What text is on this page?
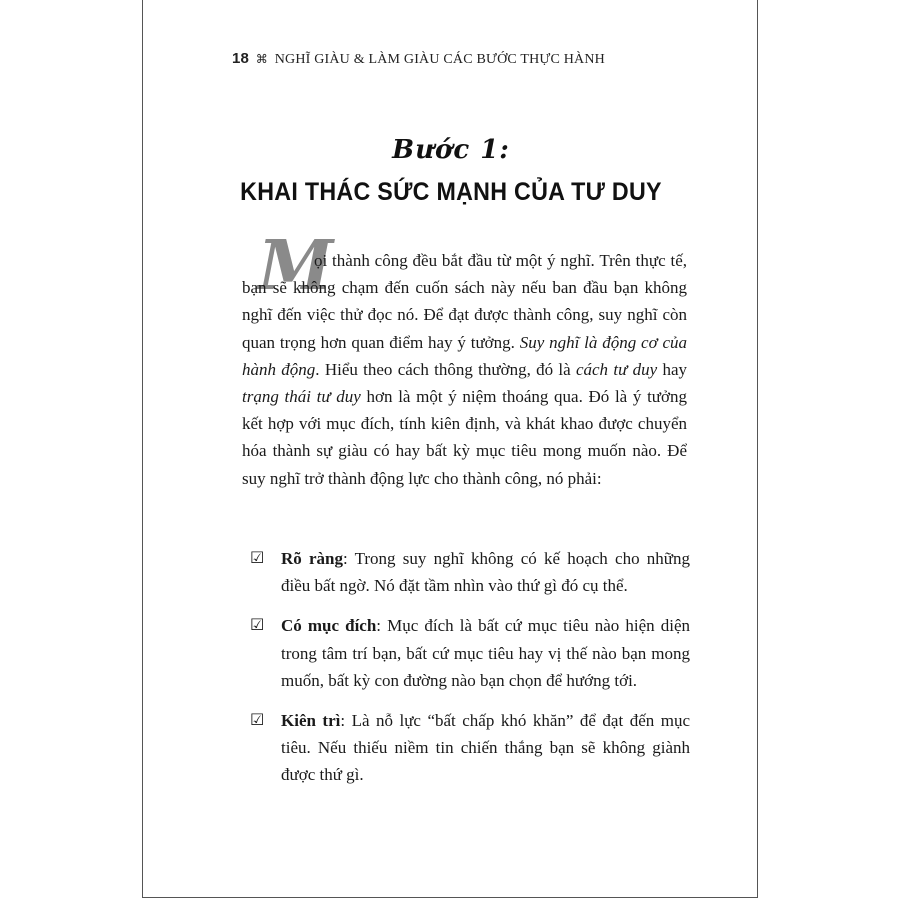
18 ⌘ NGHĨ GIÀU & LÀM GIÀU CÁC BƯỚC THỰC HÀNH
Bước 1:
KHAI THÁC SỨC MẠNH CỦA TƯ DUY
M

ọi thành công đều bắt đầu từ một ý nghĩ. Trên thực tế, bạn sẽ không chạm đến cuốn sách này nếu ban đầu bạn không nghĩ đến việc thử đọc nó. Để đạt được thành công, suy nghĩ còn quan trọng hơn quan điểm hay ý tưởng. Suy nghĩ là động cơ của hành động. Hiểu theo cách thông thường, đó là cách tư duy hay trạng thái tư duy hơn là một ý niệm thoáng qua. Đó là ý tưởng kết hợp với mục đích, tính kiên định, và khát khao được chuyển hóa thành sự giàu có hay bất kỳ mục tiêu mong muốn nào. Để suy nghĩ trở thành động lực cho thành công, nó phải:

☑ Rõ ràng: Trong suy nghĩ không có kế hoạch cho những điều bất ngờ. Nó đặt tầm nhìn vào thứ gì đó cụ thể.
☑ Có mục đích: Mục đích là bất cứ mục tiêu nào hiện diện trong tâm trí bạn, bất cứ mục tiêu hay vị thế nào bạn mong muốn, bất kỳ con đường nào bạn chọn để hướng tới.
☑ Kiên trì: Là nỗ lực “bất chấp khó khăn” để đạt đến mục tiêu. Nếu thiếu niềm tin chiến thắng bạn sẽ không giành được thứ gì.
